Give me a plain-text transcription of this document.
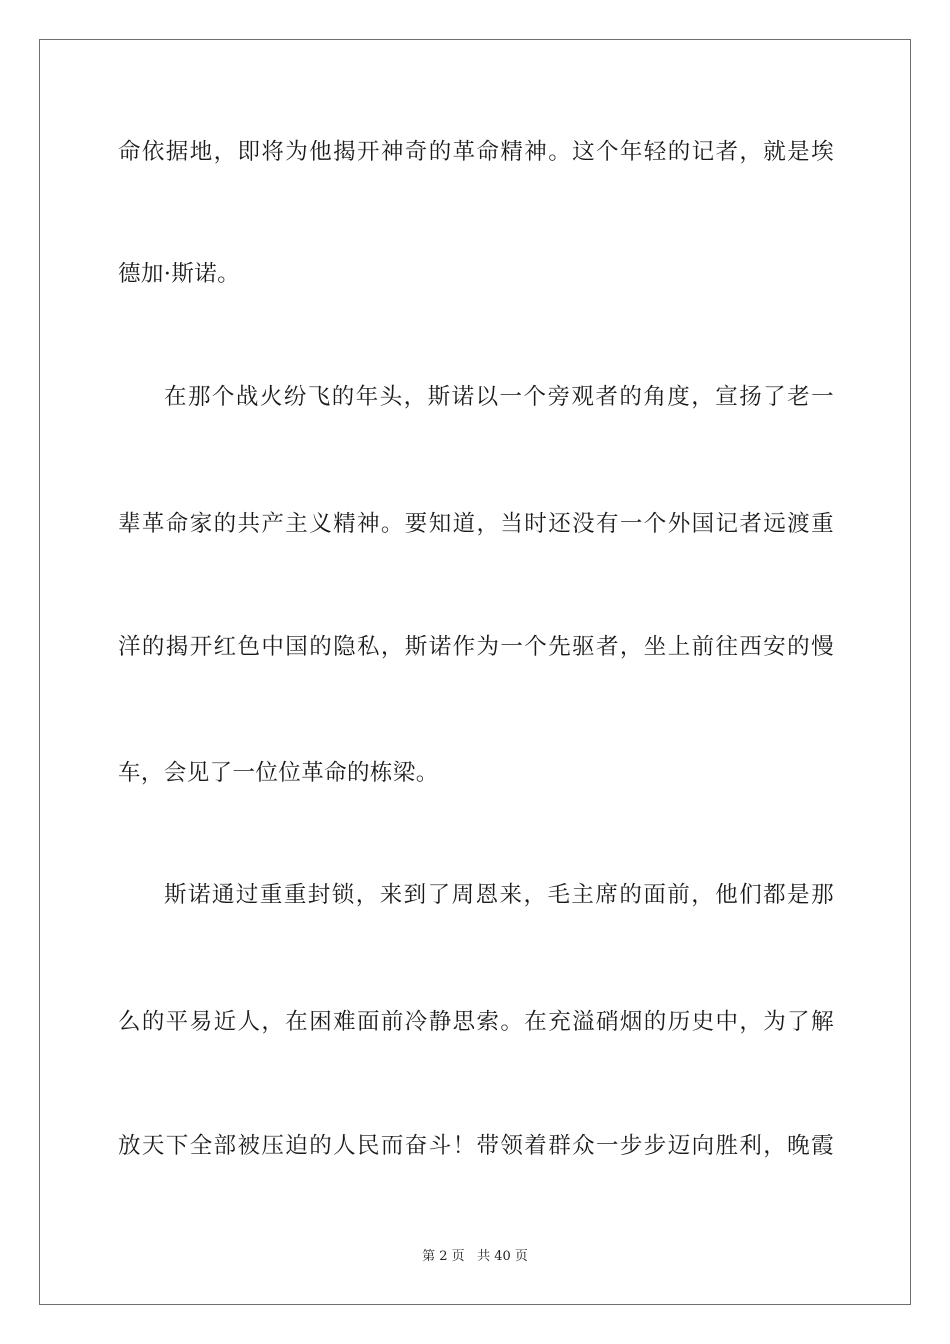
命依据地，即将为他揭开神奇的革命精神。这个年轻的记者，就是埃
德加·斯诺。
在那个战火纷飞的年头，斯诺以一个旁观者的角度，宣扬了老一
辈革命家的共产主义精神。要知道，当时还没有一个外国记者远渡重
洋的揭开红色中国的隐私，斯诺作为一个先驱者，坐上前往西安的慢
车，会见了一位位革命的栋梁。
斯诺通过重重封锁，来到了周恩来，毛主席的面前，他们都是那
么的平易近人，在困难面前冷静思索。在充溢硝烟的历史中，为了解
放天下全部被压迫的人民而奋斗！带领着群众一步步迈向胜利，晚霞
第 2 页 共 40 页
